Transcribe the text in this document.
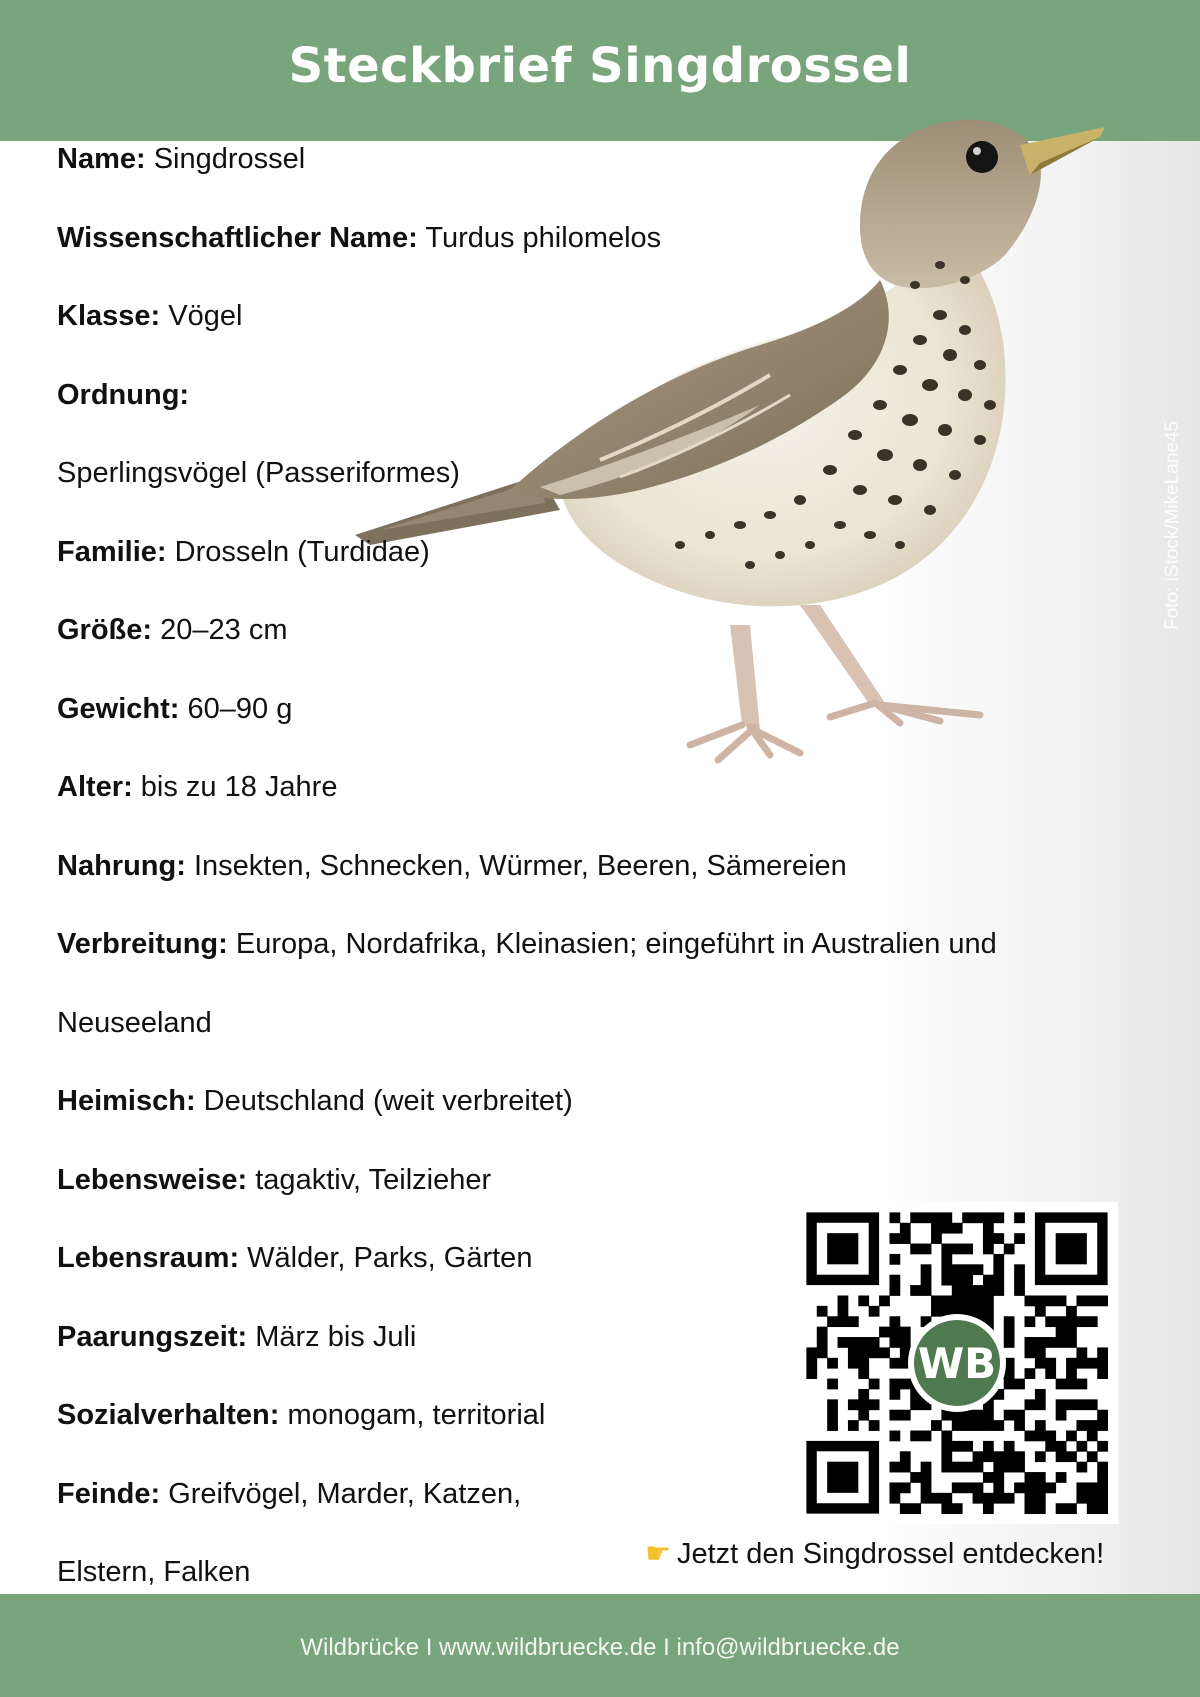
Steckbrief Singdrossel
Foto: iStock/MikeLane45
Name: Singdrossel
Wissenschaftlicher Name: Turdus philomelos
Klasse: Vögel
Ordnung:
Sperlingsvögel (Passeriformes)
Familie: Drosseln (Turdidae)
Größe: 20–23 cm
Gewicht: 60–90 g
Alter: bis zu 18 Jahre
Nahrung: Insekten, Schnecken, Würmer, Beeren, Sämereien
Verbreitung: Europa, Nordafrika, Kleinasien; eingeführt in Australien und
Neuseeland
Heimisch: Deutschland (weit verbreitet)
Lebensweise: tagaktiv, Teilzieher
Lebensraum: Wälder, Parks, Gärten
Paarungszeit: März bis Juli
Sozialverhalten: monogam, territorial
Feinde: Greifvögel, Marder, Katzen,
Elstern, Falken
WB
☛ Jetzt den Singdrossel entdecken!
Wildbrücke I www.wildbruecke.de I info@wildbruecke.de
